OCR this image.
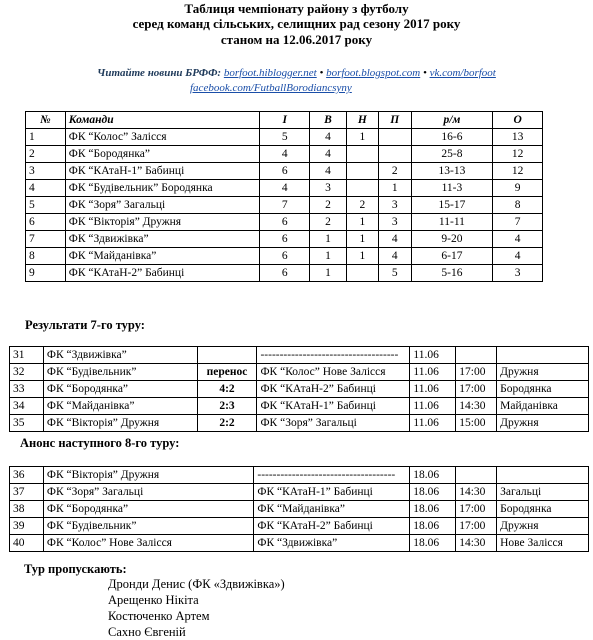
Таблиця чемпіонату району з футболу
серед команд сільських, селищних рад сезону 2017 року
станом на 12.06.2017 року
Читайте новини БРФФ: borfoot.hiblogger.net • borfoot.blogspot.com • vk.com/borfoot
facebook.com/FutballBorodiancsyny
№	Команди	І	В	Н	П	р/м	О
1	ФК “Колос” Залісся	5	4	1		16-6	13
2	ФК “Бородянка”	4	4			25-8	12
3	ФК “КАтаН-1” Бабинці	6	4		2	13-13	12
4	ФК “Будівельник” Бородянка	4	3		1	11-3	9
5	ФК “Зоря” Загальці	7	2	2	3	15-17	8
6	ФК “Вікторія” Дружня	6	2	1	3	11-11	7
7	ФК “Здвижівка”	6	1	1	4	9-20	4
8	ФК “Майданівка”	6	1	1	4	6-17	4
9	ФК “КАтаН-2” Бабинці	6	1		5	5-16	3
Результати 7-го туру:
31	ФК “Здвижівка”		------------------------------------	11.06		
32	ФК “Будівельник”	перенос	ФК “Колос” Нове Залісся	11.06	17:00	Дружня
33	ФК “Бородянка”	4:2	ФК “КАтаН-2” Бабинці	11.06	17:00	Бородянка
34	ФК “Майданівка”	2:3	ФК “КАтаН-1” Бабинці	11.06	14:30	Майданівка
35	ФК “Вікторія” Дружня	2:2	ФК “Зоря” Загальці	11.06	15:00	Дружня
Анонс наступного 8-го туру:
36	ФК “Вікторія” Дружня	------------------------------------	18.06		
37	ФК “Зоря” Загальці	ФК “КАтаН-1” Бабинці	18.06	14:30	Загальці
38	ФК “Бородянка”	ФК “Майданівка”	18.06	17:00	Бородянка
39	ФК “Будівельник”	ФК “КАтаН-2” Бабинці	18.06	17:00	Дружня
40	ФК “Колос” Нове Залісся	ФК “Здвижівка”	18.06	14:30	Нове Залісся
Тур пропускають:
Дронди Денис (ФК «Здвижівка»)
Арещенко Нікіта
Костюченко Артем
Сахно Євгеній
